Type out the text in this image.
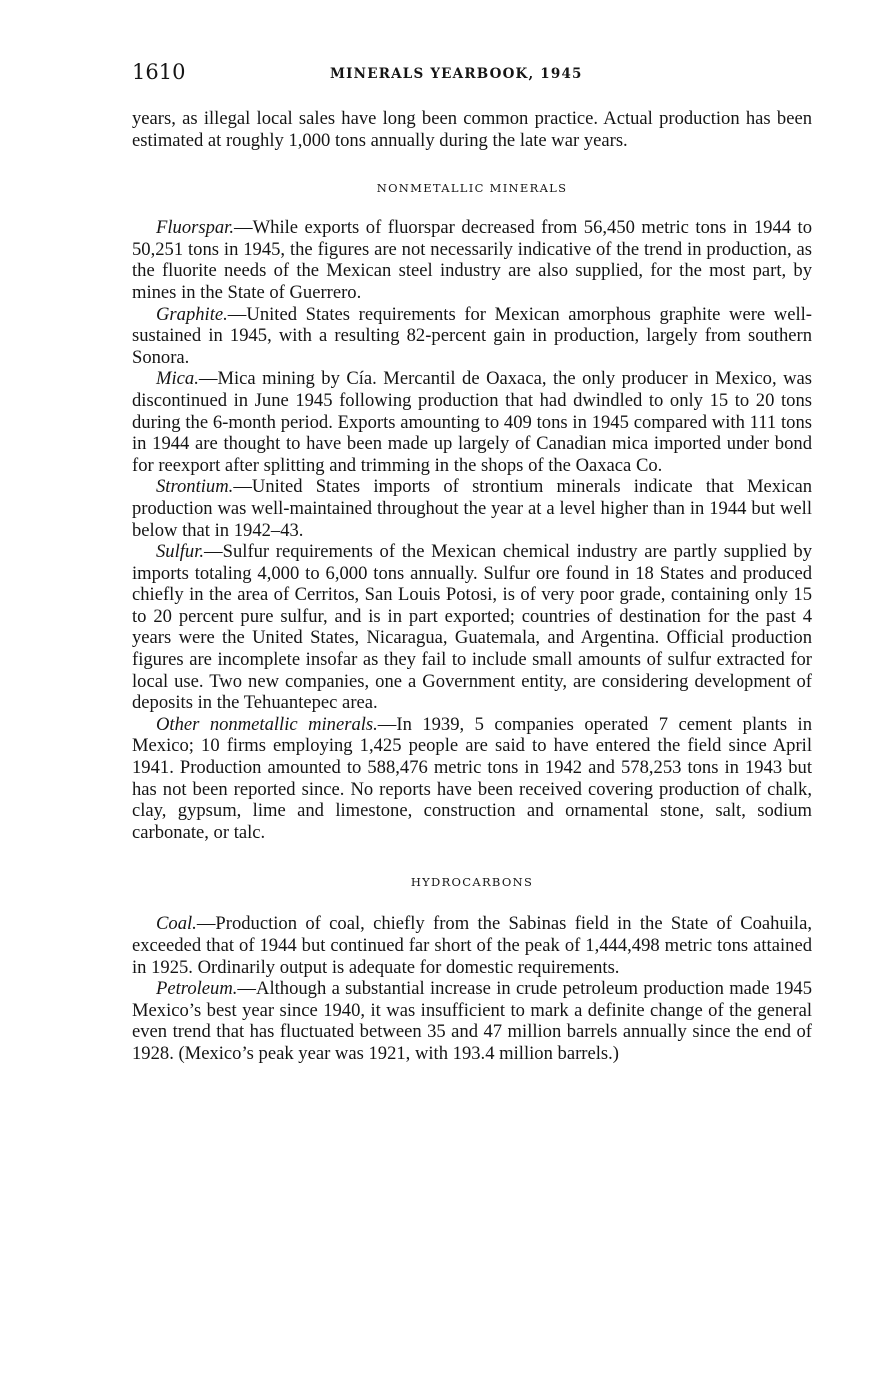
1610	MINERALS YEARBOOK, 1945

years, as illegal local sales have long been common practice. Actual production has been estimated at roughly 1,000 tons annually during the late war years.

NONMETALLIC MINERALS

Fluorspar.—While exports of fluorspar decreased from 56,450 metric tons in 1944 to 50,251 tons in 1945, the figures are not necessarily indicative of the trend in production, as the fluorite needs of the Mexican steel industry are also supplied, for the most part, by mines in the State of Guerrero.

Graphite.—United States requirements for Mexican amorphous graphite were well-sustained in 1945, with a resulting 82-percent gain in production, largely from southern Sonora.

Mica.—Mica mining by Cía. Mercantil de Oaxaca, the only producer in Mexico, was discontinued in June 1945 following production that had dwindled to only 15 to 20 tons during the 6-month period. Exports amounting to 409 tons in 1945 compared with 111 tons in 1944 are thought to have been made up largely of Canadian mica imported under bond for reexport after splitting and trimming in the shops of the Oaxaca Co.

Strontium.—United States imports of strontium minerals indicate that Mexican production was well-maintained throughout the year at a level higher than in 1944 but well below that in 1942–43.

Sulfur.—Sulfur requirements of the Mexican chemical industry are partly supplied by imports totaling 4,000 to 6,000 tons annually. Sulfur ore found in 18 States and produced chiefly in the area of Cerritos, San Louis Potosi, is of very poor grade, containing only 15 to 20 percent pure sulfur, and is in part exported; countries of destination for the past 4 years were the United States, Nicaragua, Guatemala, and Argentina. Official production figures are incomplete insofar as they fail to include small amounts of sulfur extracted for local use. Two new companies, one a Government entity, are considering development of deposits in the Tehuantepec area.

Other nonmetallic minerals.—In 1939, 5 companies operated 7 cement plants in Mexico; 10 firms employing 1,425 people are said to have entered the field since April 1941. Production amounted to 588,476 metric tons in 1942 and 578,253 tons in 1943 but has not been reported since. No reports have been received covering production of chalk, clay, gypsum, lime and limestone, construction and ornamental stone, salt, sodium carbonate, or talc.

HYDROCARBONS

Coal.—Production of coal, chiefly from the Sabinas field in the State of Coahuila, exceeded that of 1944 but continued far short of the peak of 1,444,498 metric tons attained in 1925. Ordinarily output is adequate for domestic requirements.

Petroleum.—Although a substantial increase in crude petroleum production made 1945 Mexico’s best year since 1940, it was insufficient to mark a definite change of the general even trend that has fluctuated between 35 and 47 million barrels annually since the end of 1928. (Mexico’s peak year was 1921, with 193.4 million barrels.)
